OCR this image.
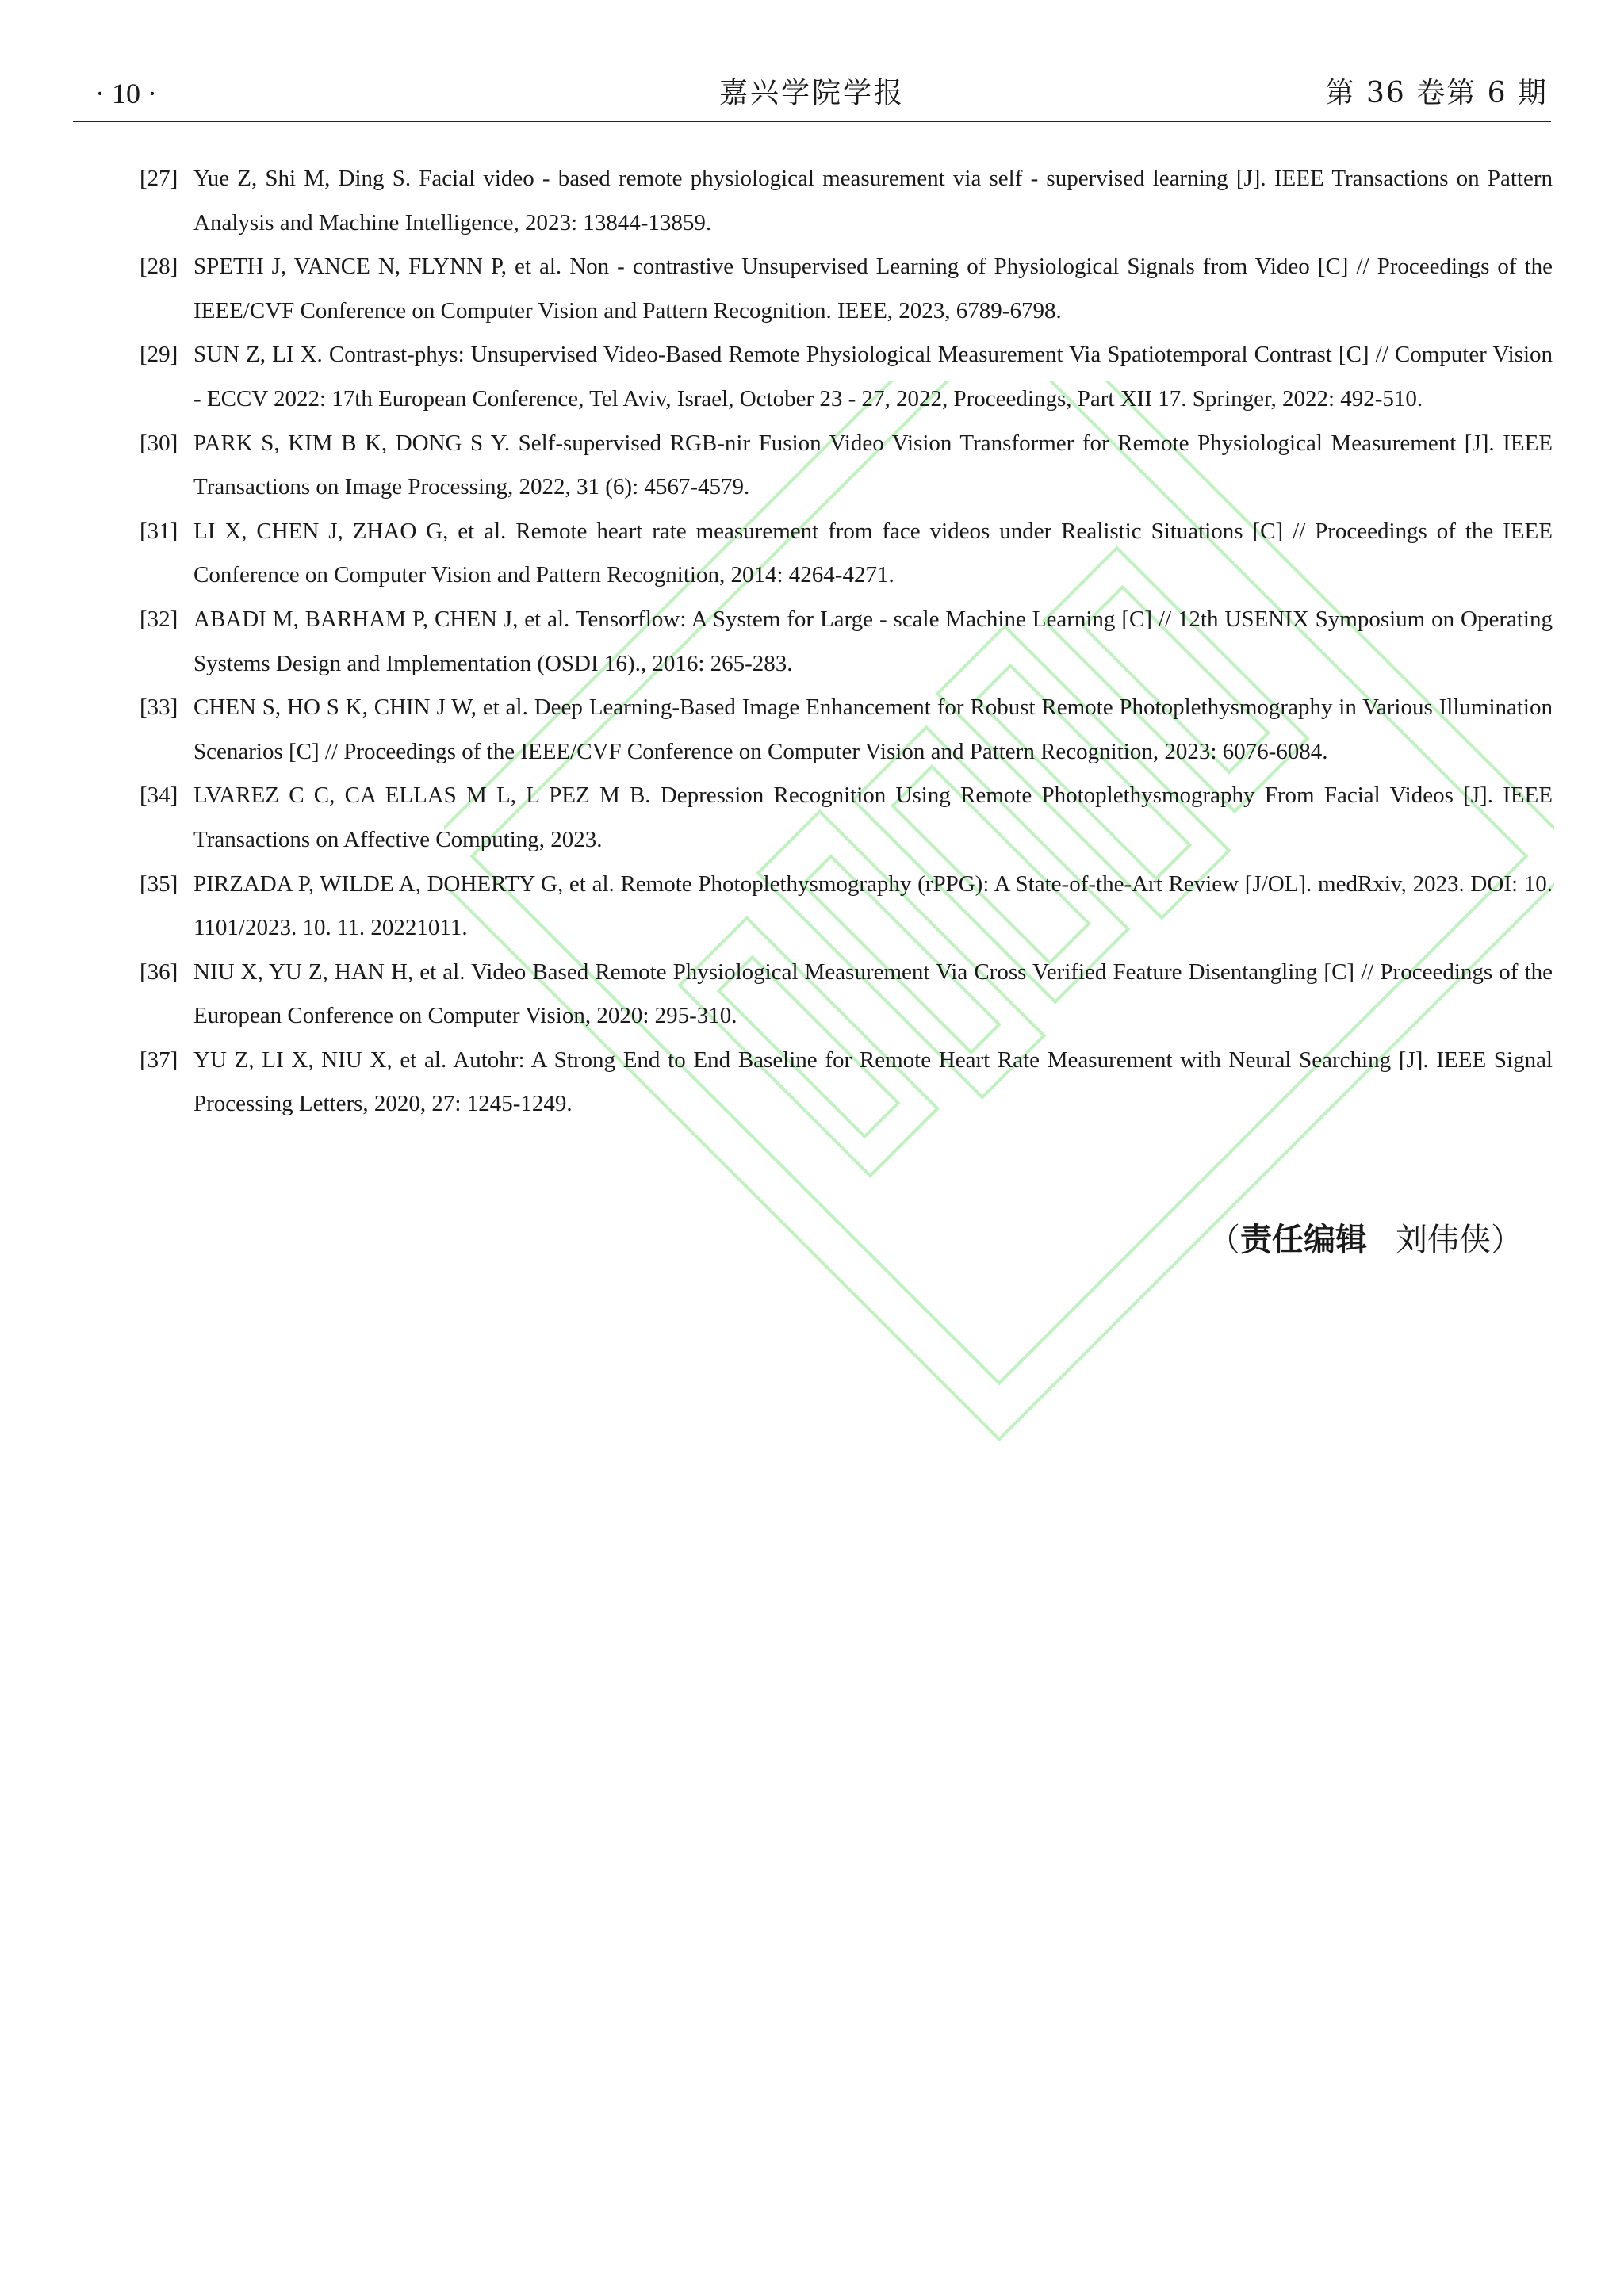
· 10 ·	嘉兴学院学报	第 36 卷第 6 期
[27] Yue Z, Shi M, Ding S. Facial video - based remote physiological measurement via self - supervised learning [J]. IEEE Transactions on Pattern Analysis and Machine Intelligence, 2023: 13844-13859.
[28] SPETH J, VANCE N, FLYNN P, et al. Non - contrastive Unsupervised Learning of Physiological Signals from Video [C] // Proceedings of the IEEE/CVF Conference on Computer Vision and Pattern Recognition. IEEE, 2023, 6789-6798.
[29] SUN Z, LI X. Contrast-phys: Unsupervised Video-Based Remote Physiological Measurement Via Spatiotemporal Contrast [C] // Computer Vision - ECCV 2022: 17th European Conference, Tel Aviv, Israel, October 23 - 27, 2022, Proceedings, Part XII 17. Springer, 2022: 492-510.
[30] PARK S, KIM B K, DONG S Y. Self-supervised RGB-nir Fusion Video Vision Transformer for Remote Physiological Measurement [J]. IEEE Transactions on Image Processing, 2022, 31 (6): 4567-4579.
[31] LI X, CHEN J, ZHAO G, et al. Remote heart rate measurement from face videos under Realistic Situations [C] // Proceedings of the IEEE Conference on Computer Vision and Pattern Recognition, 2014: 4264-4271.
[32] ABADI M, BARHAM P, CHEN J, et al. Tensorflow: A System for Large - scale Machine Learning [C] // 12th USENIX Symposium on Operating Systems Design and Implementation (OSDI 16)., 2016: 265-283.
[33] CHEN S, HO S K, CHIN J W, et al. Deep Learning-Based Image Enhancement for Robust Remote Photoplethysmography in Various Illumination Scenarios [C] // Proceedings of the IEEE/CVF Conference on Computer Vision and Pattern Recognition, 2023: 6076-6084.
[34] LVAREZ C C, CA ELLAS M L, L PEZ M B. Depression Recognition Using Remote Photoplethysmography From Facial Videos [J]. IEEE Transactions on Affective Computing, 2023.
[35] PIRZADA P, WILDE A, DOHERTY G, et al. Remote Photoplethysmography (rPPG): A State-of-the-Art Review [J/OL]. medRxiv, 2023. DOI: 10. 1101/2023. 10. 11. 20221011.
[36] NIU X, YU Z, HAN H, et al. Video Based Remote Physiological Measurement Via Cross Verified Feature Disentangling [C] // Proceedings of the European Conference on Computer Vision, 2020: 295-310.
[37] YU Z, LI X, NIU X, et al. Autohr: A Strong End to End Baseline for Remote Heart Rate Measurement with Neural Searching [J]. IEEE Signal Processing Letters, 2020, 27: 1245-1249.
（责任编辑 刘伟侠）
